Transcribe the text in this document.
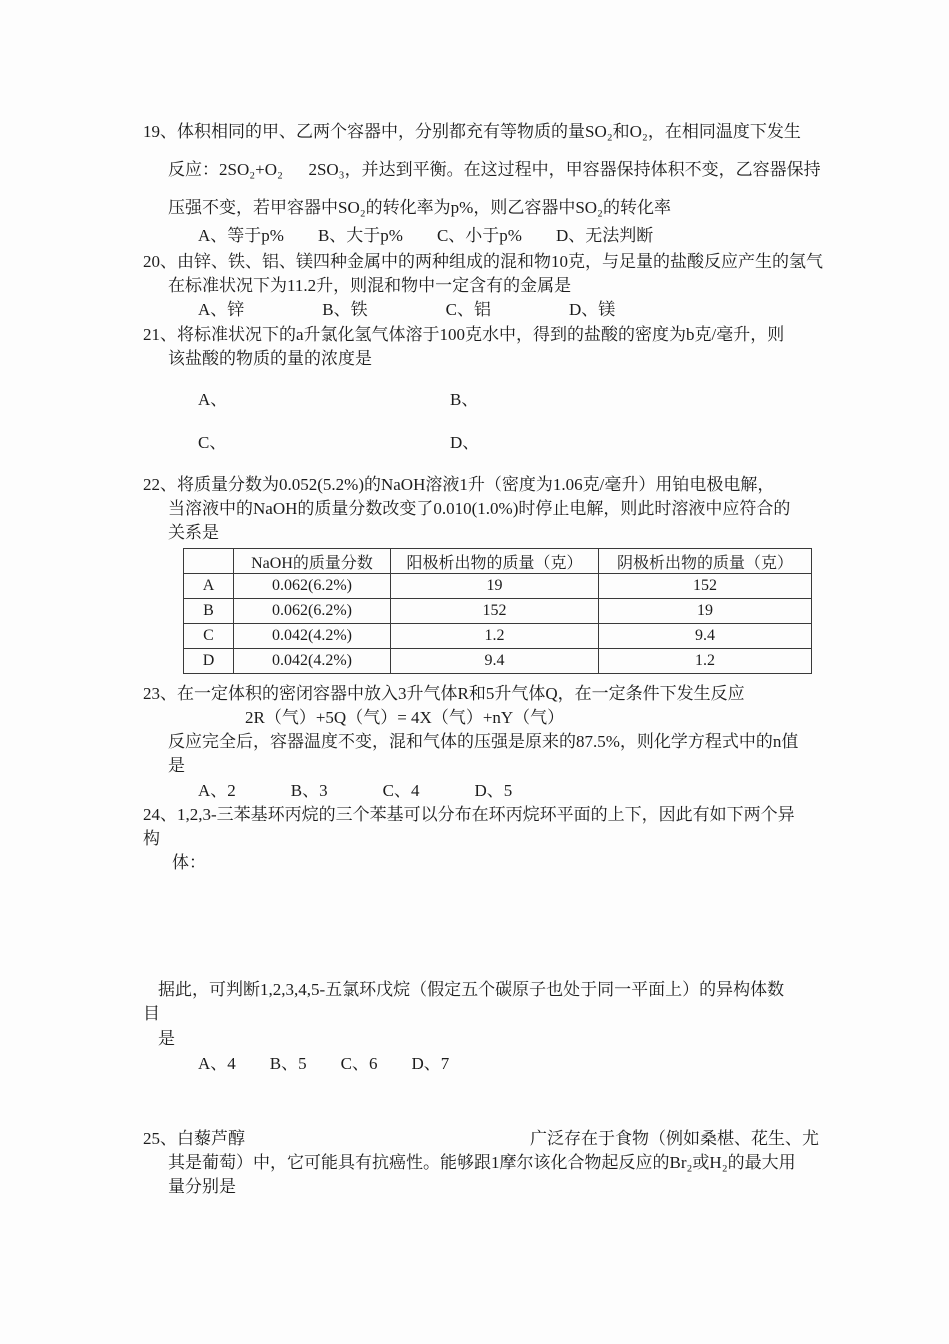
19、体积相同的甲、乙两个容器中，分别都充有等物质的量SO₂和O₂，在相同温度下发生
反应：2SO₂+O₂      2SO₃，并达到平衡。在这过程中，甲容器保持体积不变，乙容器保持
压强不变，若甲容器中SO₂的转化率为p%，则乙容器中SO₂的转化率
A、等于p% B、大于p% C、小于p% D、无法判断
20、由锌、铁、铝、镁四种金属中的两种组成的混和物10克，与足量的盐酸反应产生的氢气
在标准状况下为11.2升，则混和物中一定含有的金属是
A、锌	B、铁	C、铝	D、镁
21、将标准状况下的a升氯化氢气体溶于100克水中，得到的盐酸的密度为b克/毫升，则
该盐酸的物质的量的浓度是
A、	B、
C、	D、
22、将质量分数为0.052(5.2%)的NaOH溶液1升（密度为1.06克/毫升）用铂电极电解，
当溶液中的NaOH的质量分数改变了0.010(1.0%)时停止电解，则此时溶液中应符合的
关系是
	NaOH的质量分数	阳极析出物的质量（克）	阴极析出物的质量（克）
A	0.062(6.2%)	19	152
B	0.062(6.2%)	152	19
C	0.042(4.2%)	1.2	9.4
D	0.042(4.2%)	9.4	1.2
23、在一定体积的密闭容器中放入3升气体R和5升气体Q，在一定条件下发生反应
2R（气）+5Q（气）= 4X（气）+nY（气）
反应完全后，容器温度不变，混和气体的压强是原来的87.5%，则化学方程式中的n值
是
A、2	B、3	C、4	D、5
24、1,2,3-三苯基环丙烷的三个苯基可以分布在环丙烷环平面的上下，因此有如下两个异
构
体：
据此，可判断1,2,3,4,5-五氯环戊烷（假定五个碳原子也处于同一平面上）的异构体数
目
是
A、4 B、5 C、6 D、7
25、白藜芦醇	广泛存在于食物（例如桑椹、花生、尤
其是葡萄）中，它可能具有抗癌性。能够跟1摩尔该化合物起反应的Br₂或H₂的最大用
量分别是
